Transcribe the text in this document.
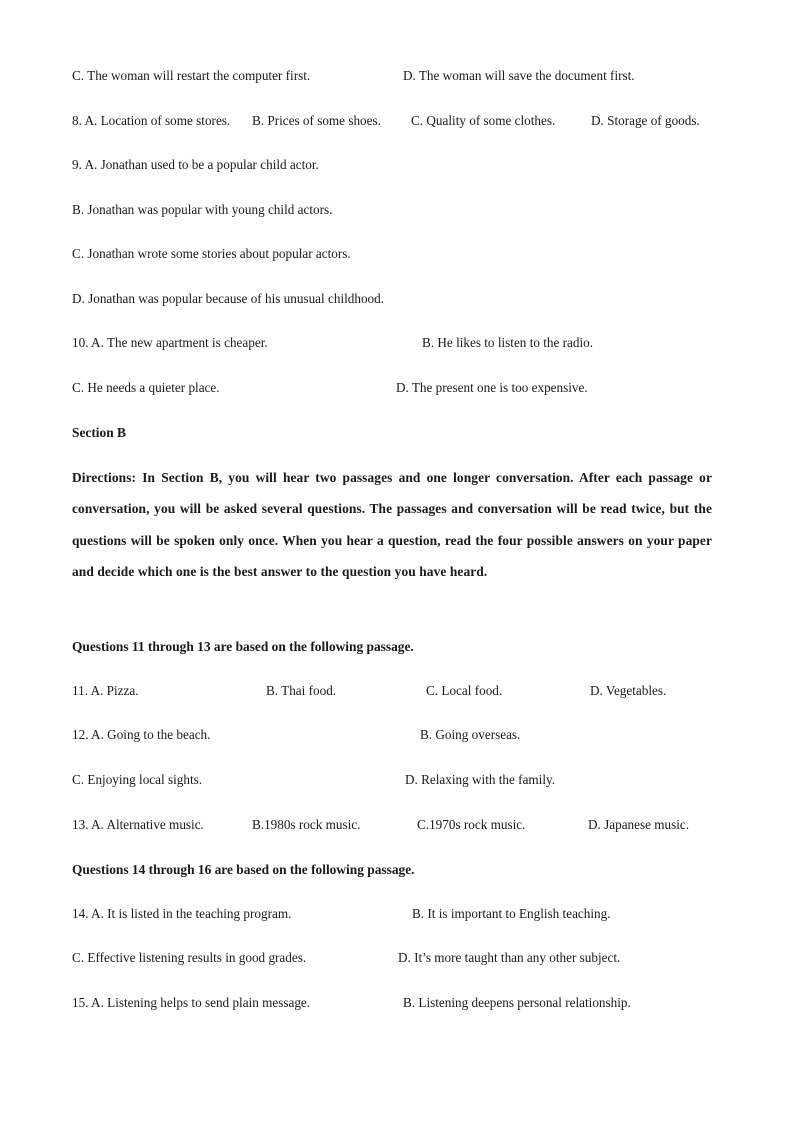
C. The woman will restart the computer first.	D. The woman will save the document first.
8. A. Location of some stores. B. Prices of some shoes. C. Quality of some clothes.	D. Storage of goods.
9. A. Jonathan used to be a popular child actor.
B. Jonathan was popular with young child actors.
C. Jonathan wrote some stories about popular actors.
D. Jonathan was popular because of his unusual childhood.
10. A. The new apartment is cheaper.	B. He likes to listen to the radio.
C. He needs a quieter place.	D. The present one is too expensive.
Section B
Directions: In Section B, you will hear two passages and one longer conversation. After each passage or conversation, you will be asked several questions. The passages and conversation will be read twice, but the questions will be spoken only once. When you hear a question, read the four possible answers on your paper and decide which one is the best answer to the question you have heard.
Questions 11 through 13 are based on the following passage.
11. A. Pizza.	B. Thai food.	C. Local food.	D. Vegetables.
12. A. Going to the beach.	B. Going overseas.
C. Enjoying local sights.	D. Relaxing with the family.
13. A. Alternative music.	B.1980s rock music.	C.1970s rock music.	D. Japanese music.
Questions 14 through 16 are based on the following passage.
14. A. It is listed in the teaching program.	B. It is important to English teaching.
C. Effective listening results in good grades.	D. It’s more taught than any other subject.
15. A. Listening helps to send plain message.	B. Listening deepens personal relationship.
